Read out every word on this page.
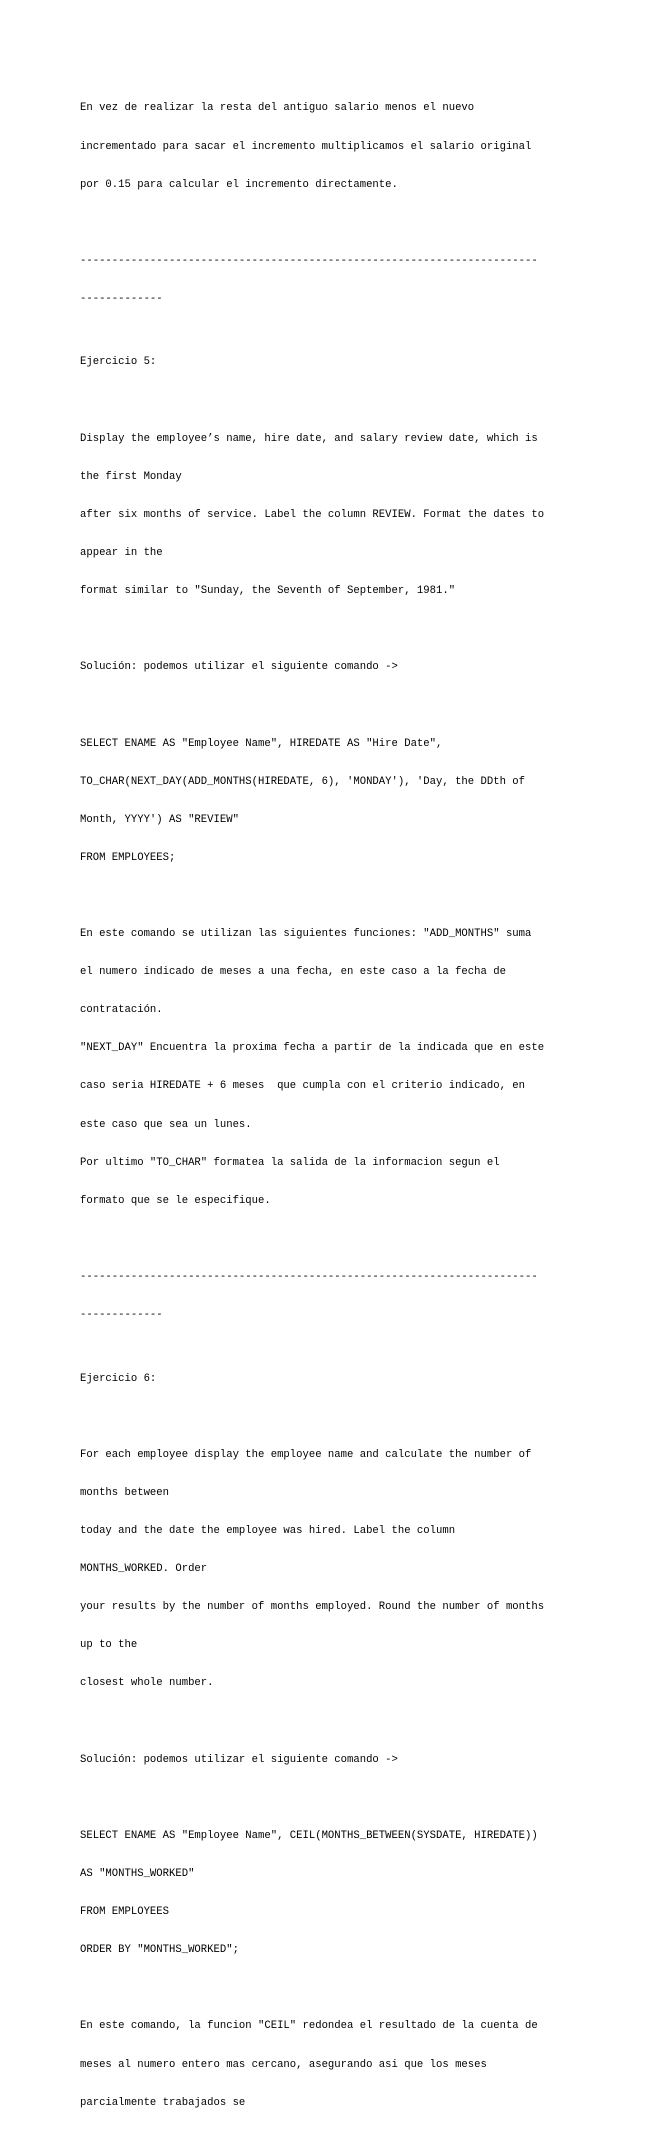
En vez de realizar la resta del antiguo salario menos el nuevo

incrementado para sacar el incremento multiplicamos el salario original

por 0.15 para calcular el incremento directamente.

------------------------------------------------------------------------

-------------

Ejercicio 5:

Display the employee’s name, hire date, and salary review date, which is

the first Monday

after six months of service. Label the column REVIEW. Format the dates to

appear in the

format similar to "Sunday, the Seventh of September, 1981."

Solución: podemos utilizar el siguiente comando ->

SELECT ENAME AS "Employee Name", HIREDATE AS "Hire Date",

TO_CHAR(NEXT_DAY(ADD_MONTHS(HIREDATE, 6), 'MONDAY'), 'Day, the DDth of

Month, YYYY') AS "REVIEW"

FROM EMPLOYEES;

En este comando se utilizan las siguientes funciones: "ADD_MONTHS" suma

el numero indicado de meses a una fecha, en este caso a la fecha de

contratación.

"NEXT_DAY" Encuentra la proxima fecha a partir de la indicada que en este

caso seria HIREDATE + 6 meses  que cumpla con el criterio indicado, en

este caso que sea un lunes.

Por ultimo "TO_CHAR" formatea la salida de la informacion segun el

formato que se le especifique.

------------------------------------------------------------------------

-------------

Ejercicio 6:

For each employee display the employee name and calculate the number of

months between

today and the date the employee was hired. Label the column

MONTHS_WORKED. Order

your results by the number of months employed. Round the number of months

up to the

closest whole number.

Solución: podemos utilizar el siguiente comando ->

SELECT ENAME AS "Employee Name", CEIL(MONTHS_BETWEEN(SYSDATE, HIREDATE))

AS "MONTHS_WORKED"

FROM EMPLOYEES

ORDER BY "MONTHS_WORKED";

En este comando, la funcion "CEIL" redondea el resultado de la cuenta de

meses al numero entero mas cercano, asegurando asi que los meses

parcialmente trabajados se
